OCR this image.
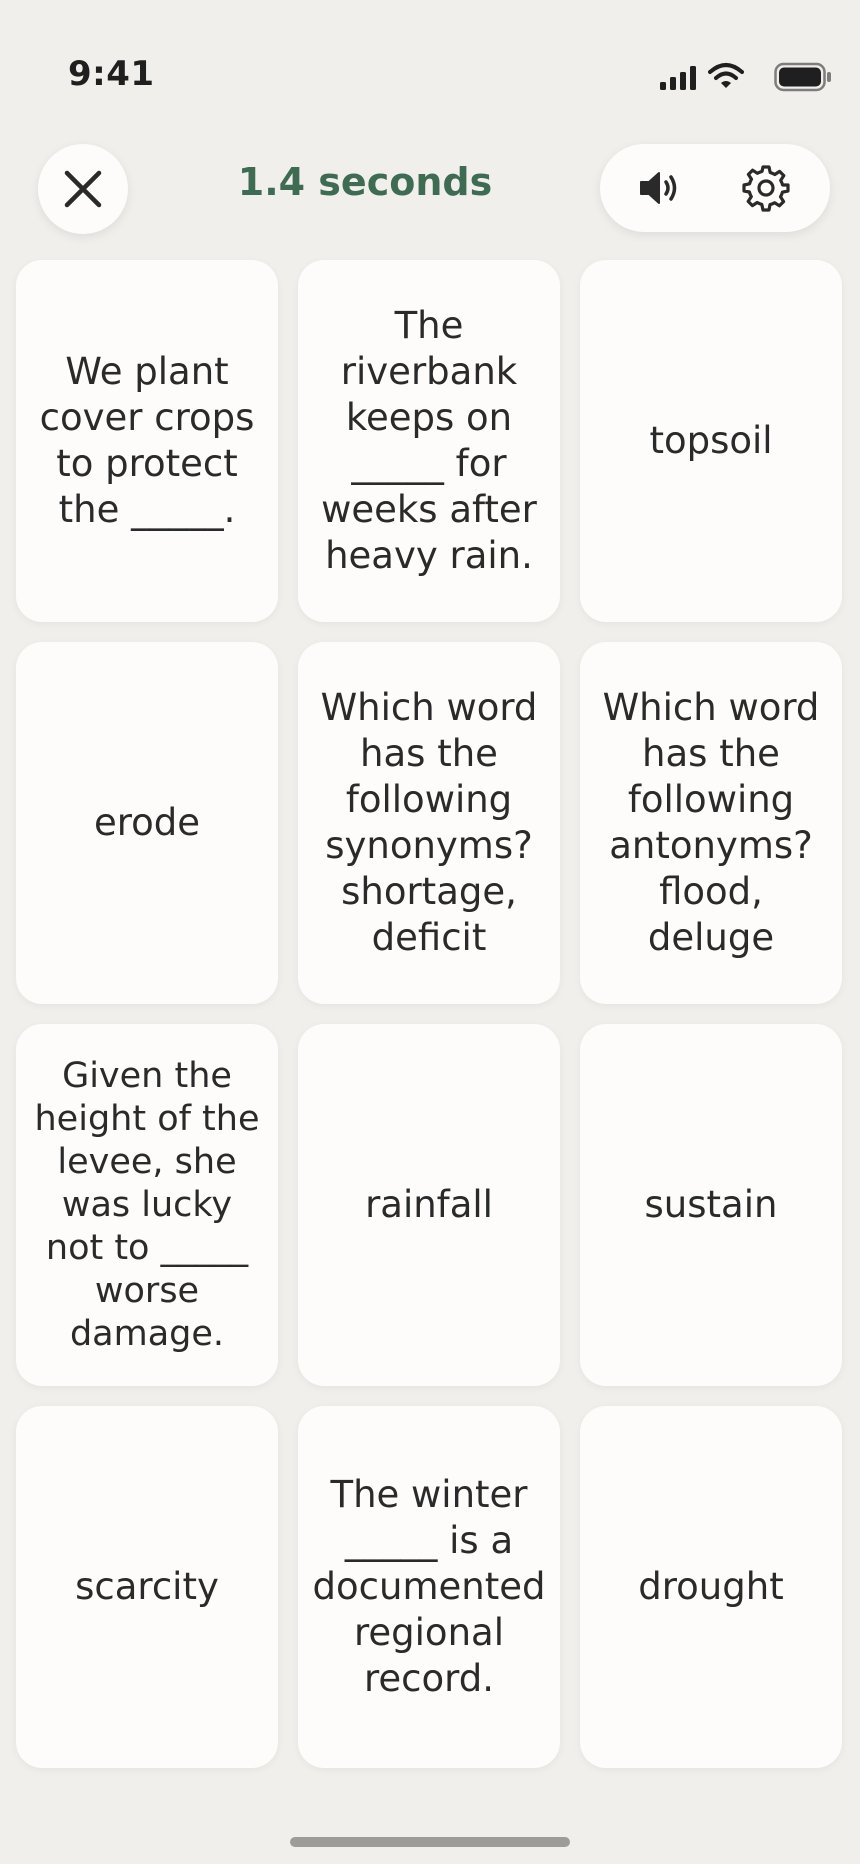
9:41
1.4 seconds
We plant cover crops to protect the _____.
The riverbank keeps on _____ for weeks after heavy rain.
topsoil
erode
Which word has the following synonyms? shortage, deficit
Which word has the following antonyms? flood, deluge
Given the height of the levee, she was lucky not to _____ worse damage.
rainfall	sustain
scarcity
The winter _____ is a documented regional record.
drought
